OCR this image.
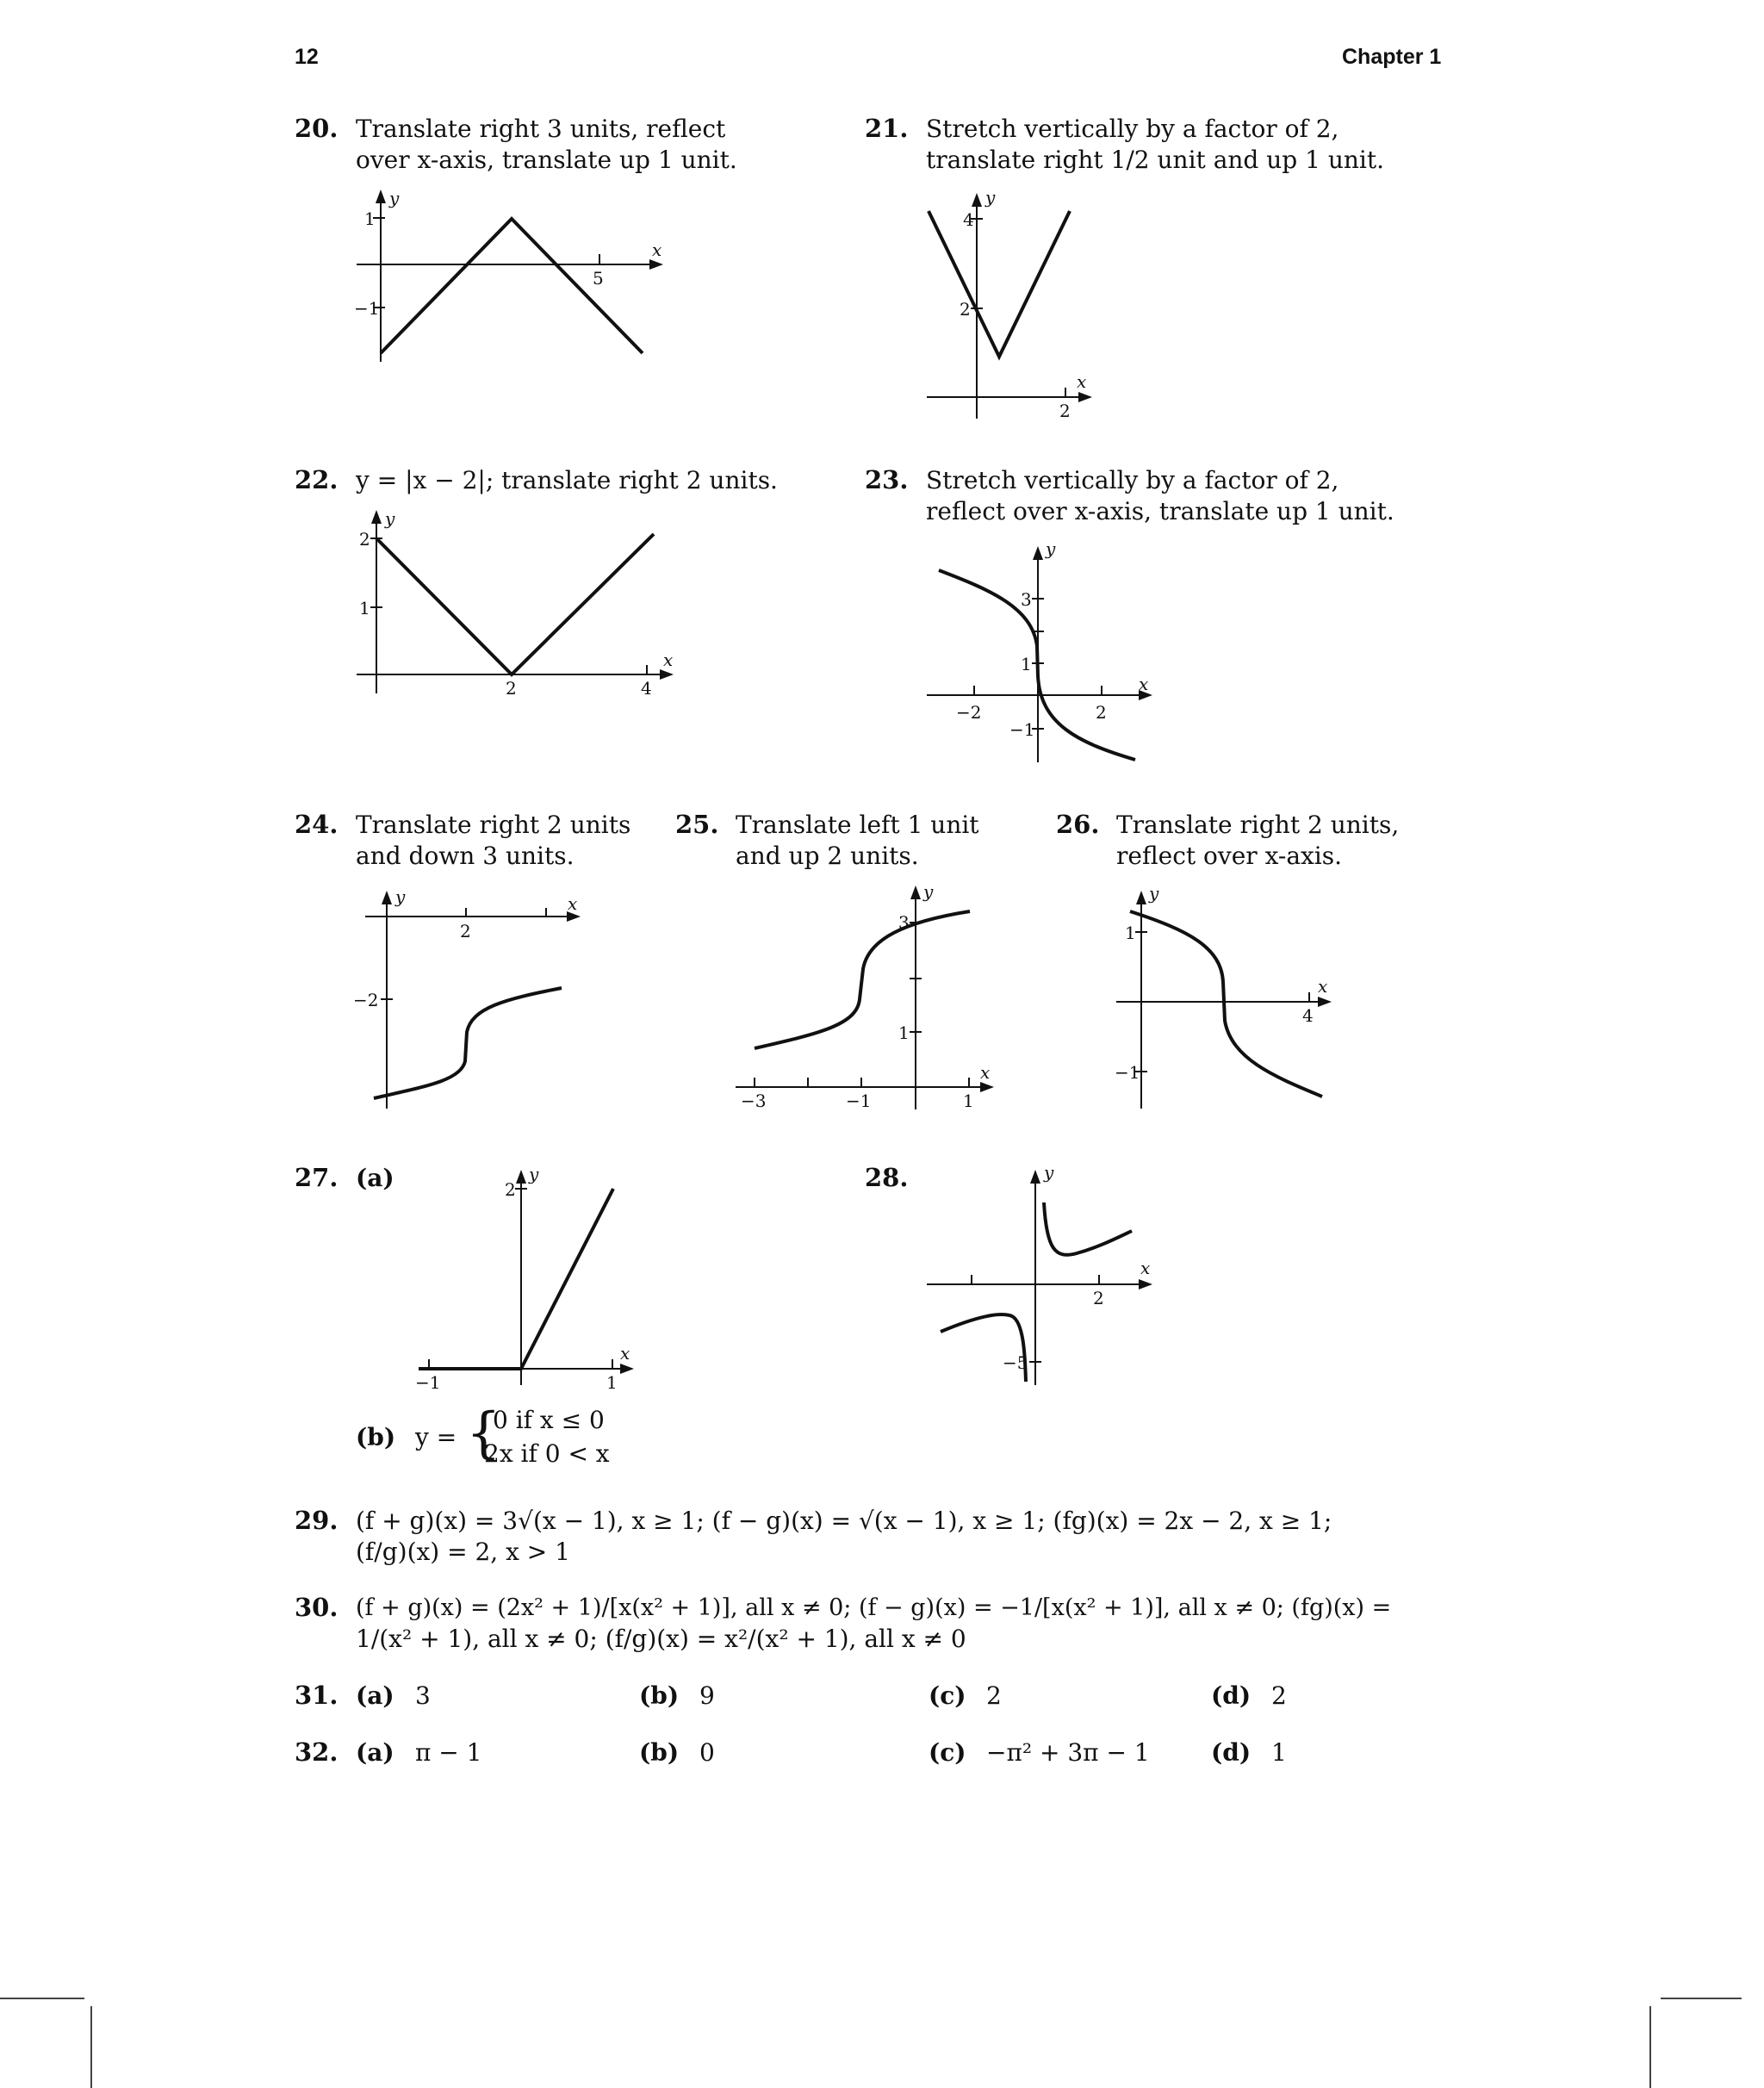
12	Chapter 1
20. Translate right 3 units, reflect
over x-axis, translate up 1 unit.
1
−1
5
x
y
21. Stretch vertically by a factor of 2,
translate right 1/2 unit and up 1 unit.
4
2
2
x
y
22. y = |x − 2|; translate right 2 units.
2
1
2	4
x
y
23. Stretch vertically by a factor of 2,
reflect over x-axis, translate up 1 unit.
3
1
−1
−2	2
x
y
24. Translate right 2 units
and down 3 units.
2
−2
x
y
25. Translate left 1 unit
and up 2 units.
3
1
−3	−1	1
x
y
26. Translate right 2 units,
reflect over x-axis.
1
−1
4
x
y
27. (a)	2
−1	1
x
y
(b) y = {
0 if x ≤ 0
2x if 0 < x
28.
−5
2
x
y
29. (f + g)(x) = 3√(x − 1), x ≥ 1; (f − g)(x) = √(x − 1), x ≥ 1; (fg)(x) = 2x − 2, x ≥ 1;
(f/g)(x) = 2, x > 1
30. (f + g)(x) = (2x² + 1)/[x(x² + 1)], all x ≠ 0; (f − g)(x) = −1/[x(x² + 1)], all x ≠ 0; (fg)(x) =
1/(x² + 1), all x ≠ 0; (f/g)(x) = x²/(x² + 1), all x ≠ 0
31. (a) 3	(b) 9	(c) 2	(d) 2
32. (a) π − 1	(b) 0	(c) −π² + 3π − 1	(d) 1
